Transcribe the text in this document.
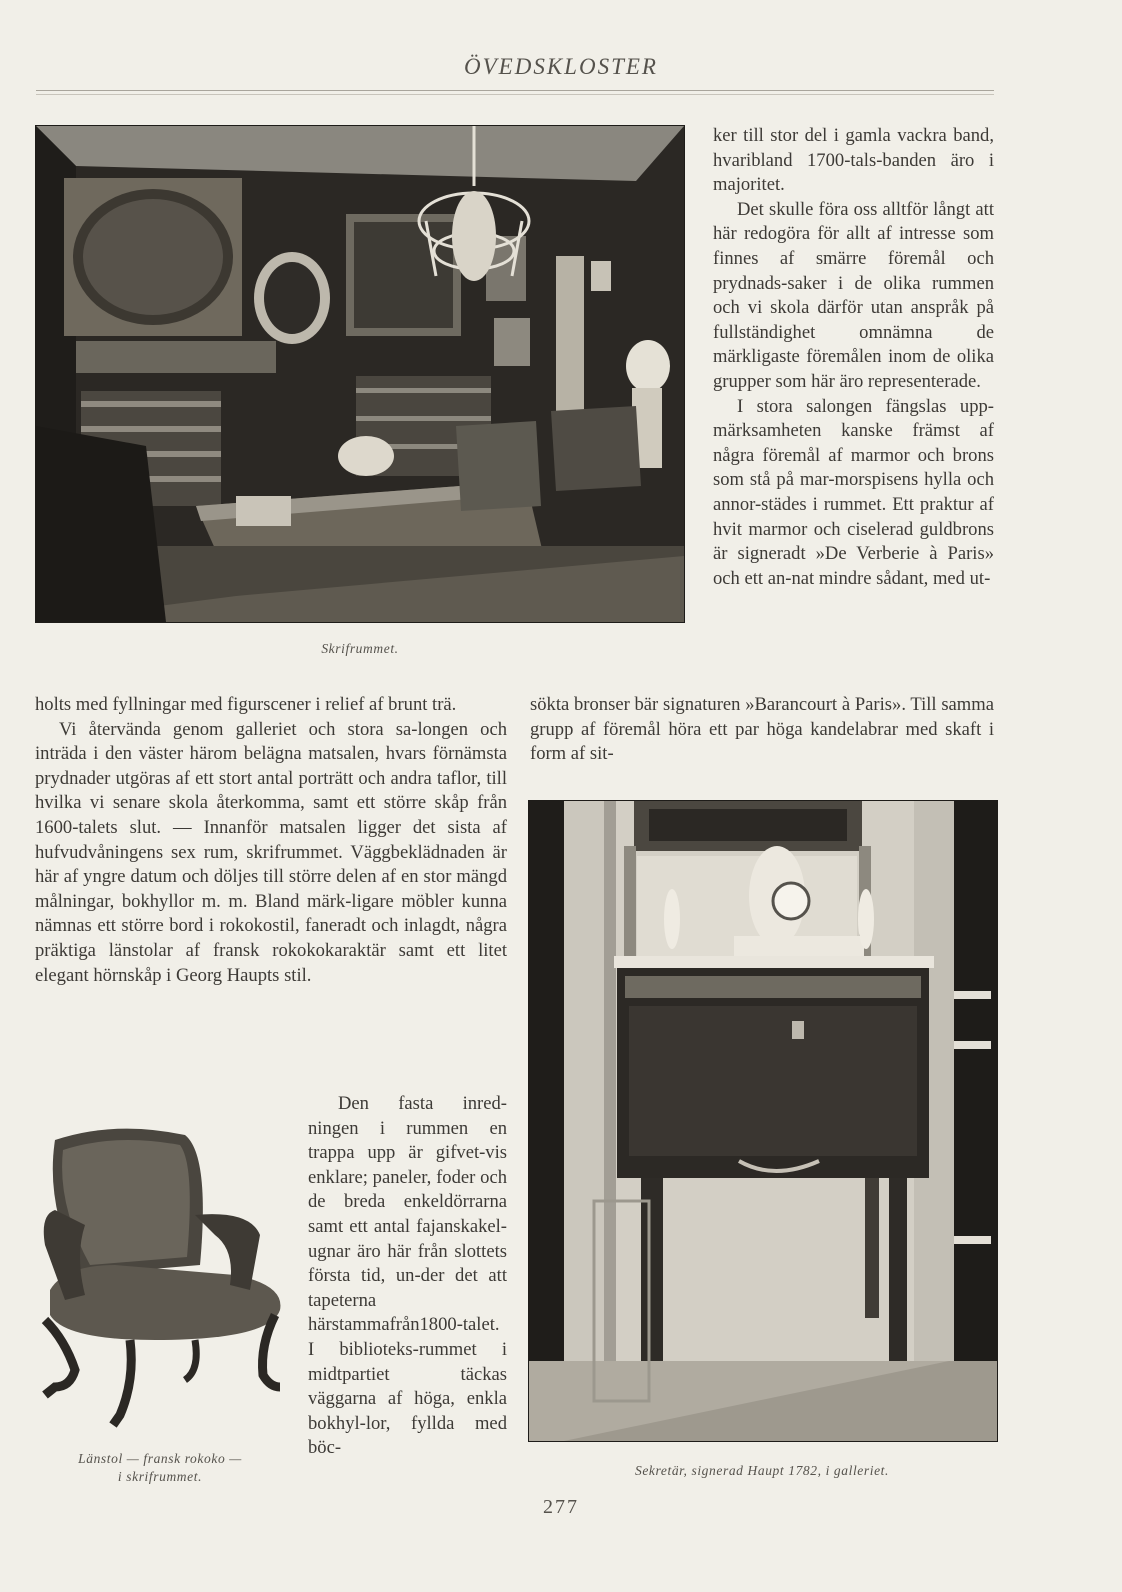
ÖVEDSKLOSTER
Skrifrummet.

ker till stor del i gamla vackra band, hvaribland 1700-tals-banden äro i majoritet.

Det skulle föra oss alltför långt att här redogöra för allt af intresse som finnes af smärre föremål och prydnads-saker i de olika rummen och vi skola därför utan anspråk på fullständighet omnämna de märkligaste föremålen inom de olika grupper som här äro representerade.

I stora salongen fängslas upp-märksamheten kanske främst af några föremål af marmor och brons som stå på mar-morspisens hylla och annor-städes i rummet. Ett praktur af hvit marmor och ciselerad guldbrons är signeradt »De Verberie à Paris» och ett an-nat mindre sådant, med ut-

holts med fyllningar med figurscener i relief af brunt trä.

Vi återvända genom galleriet och stora sa-longen och inträda i den väster härom belägna matsalen, hvars förnämsta prydnader utgöras af ett stort antal porträtt och andra taflor, till hvilka vi senare skola återkomma, samt ett större skåp från 1600-talets slut. — Innanför matsalen ligger det sista af hufvudvåningens sex rum, skrifrummet. Väggbeklädnaden är här af yngre datum och döljes till större delen af en stor mängd målningar, bokhyllor m. m. Bland märk-ligare möbler kunna nämnas ett större bord i rokokostil, faneradt och inlagdt, några präktiga länstolar af fransk rokokokaraktär samt ett litet elegant hörnskåp i Georg Haupts stil.

sökta bronser bär signaturen »Barancourt à Paris». Till samma grupp af föremål höra ett par höga kandelabrar med skaft i form af sit-

Länstol — fransk rokoko —
i skrifrummet.

Den fasta inred-ningen i rummen en trappa upp är gifvet-vis enklare; paneler, foder och de breda enkeldörrarna samt ett antal fajanskakel-ugnar äro här från slottets första tid, un-der det att tapeterna härstammafrån1800-talet. I biblioteks-rummet i midtpartiet täckas väggarna af höga, enkla bokhyl-lor, fyllda med böc-

Sekretär, signerad Haupt 1782, i galleriet.
277
